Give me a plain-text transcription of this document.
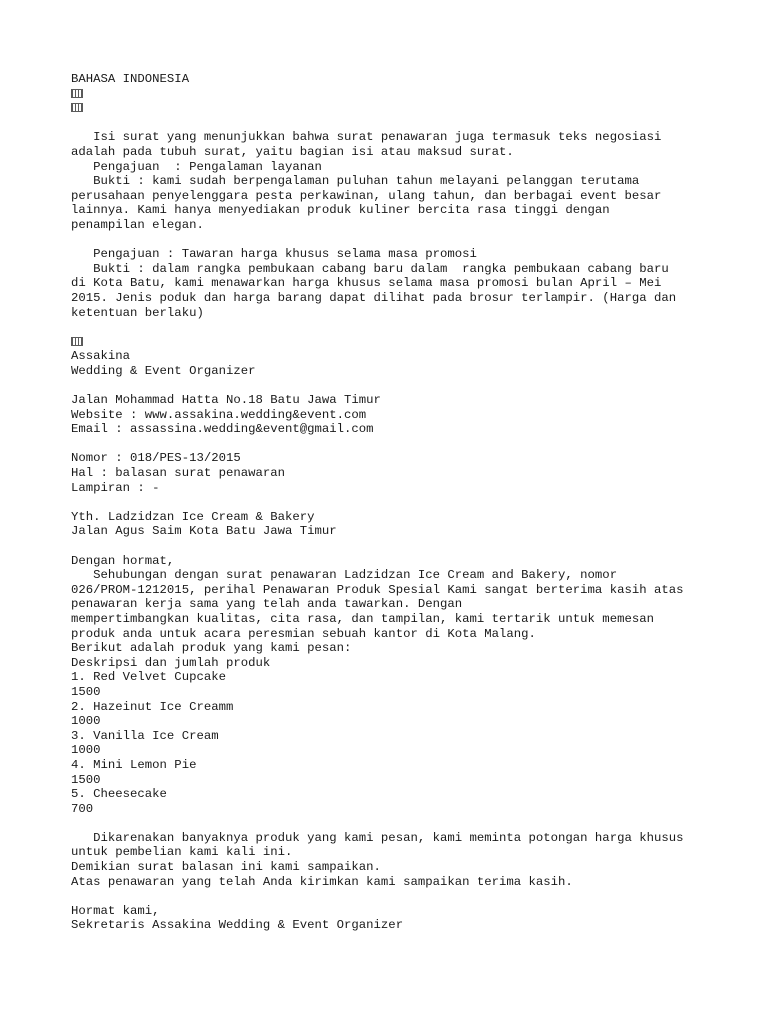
BAHASA INDONESIA
Isi surat yang menunjukkan bahwa surat penawaran juga termasuk teks negosiasi
adalah pada tubuh surat, yaitu bagian isi atau maksud surat.
Pengajuan  : Pengalaman layanan
Bukti : kami sudah berpengalaman puluhan tahun melayani pelanggan terutama
perusahaan penyelenggara pesta perkawinan, ulang tahun, dan berbagai event besar
lainnya. Kami hanya menyediakan produk kuliner bercita rasa tinggi dengan
penampilan elegan.
Pengajuan : Tawaran harga khusus selama masa promosi
Bukti : dalam rangka pembukaan cabang baru dalam  rangka pembukaan cabang baru
di Kota Batu, kami menawarkan harga khusus selama masa promosi bulan April – Mei
2015. Jenis poduk dan harga barang dapat dilihat pada brosur terlampir. (Harga dan
ketentuan berlaku)
Assakina
Wedding & Event Organizer
Jalan Mohammad Hatta No.18 Batu Jawa Timur
Website : www.assakina.wedding&event.com
Email : assassina.wedding&event@gmail.com
Nomor : 018/PES-13/2015
Hal : balasan surat penawaran
Lampiran : -
Yth. Ladzidzan Ice Cream & Bakery
Jalan Agus Saim Kota Batu Jawa Timur
Dengan hormat,
Sehubungan dengan surat penawaran Ladzidzan Ice Cream and Bakery, nomor
026/PROM-1212015, perihal Penawaran Produk Spesial Kami sangat berterima kasih atas
penawaran kerja sama yang telah anda tawarkan. Dengan
mempertimbangkan kualitas, cita rasa, dan tampilan, kami tertarik untuk memesan
produk anda untuk acara peresmian sebuah kantor di Kota Malang.
Berikut adalah produk yang kami pesan:
Deskripsi dan jumlah produk
1. Red Velvet Cupcake
1500
2. Hazeinut Ice Creamm
1000
3. Vanilla Ice Cream
1000
4. Mini Lemon Pie
1500
5. Cheesecake
700
Dikarenakan banyaknya produk yang kami pesan, kami meminta potongan harga khusus
untuk pembelian kami kali ini.
Demikian surat balasan ini kami sampaikan.
Atas penawaran yang telah Anda kirimkan kami sampaikan terima kasih.
Hormat kami,
Sekretaris Assakina Wedding & Event Organizer
